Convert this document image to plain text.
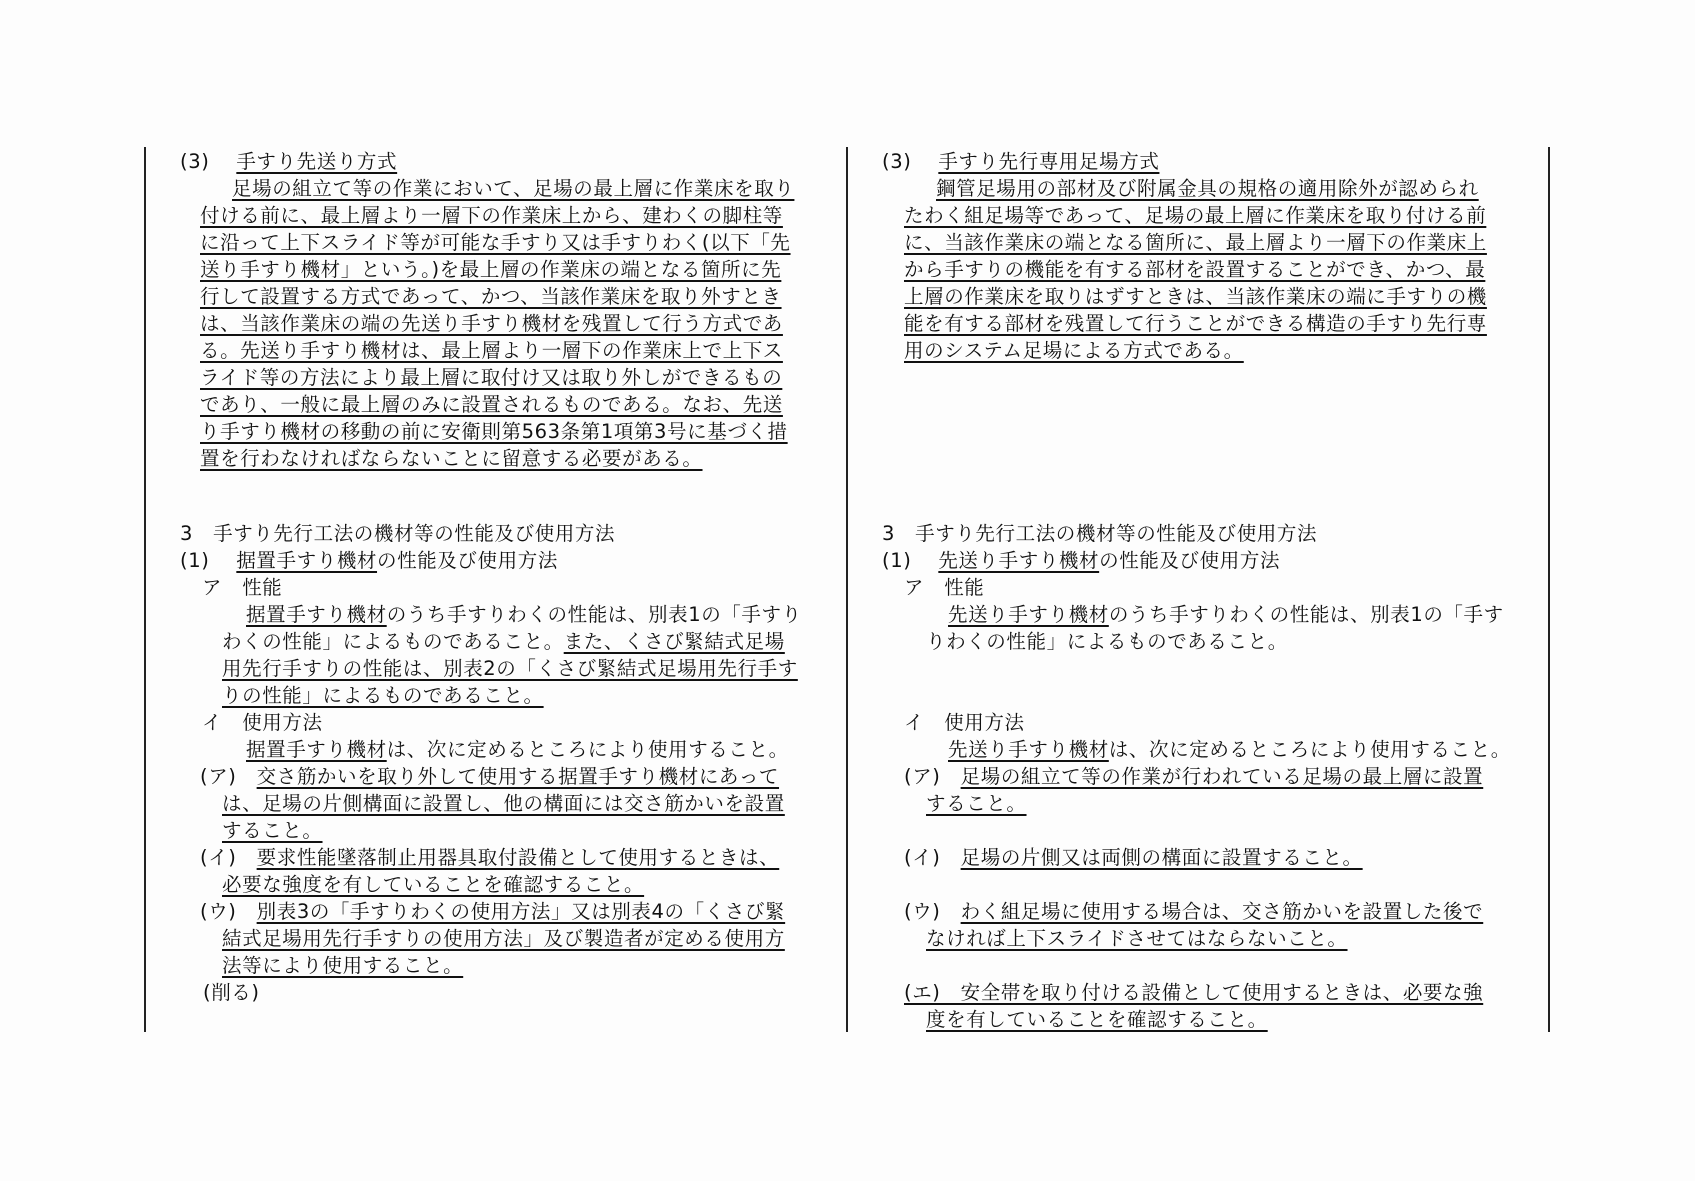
(3)　 手すり先送り方式
足場の組立て等の作業において、足場の最上層に作業床を取り
付ける前に、最上層より一層下の作業床上から、建わくの脚柱等
に沿って上下スライド等が可能な手すり又は手すりわく(以下「先
送り手すり機材」という。)を最上層の作業床の端となる箇所に先
行して設置する方式であって、かつ、当該作業床を取り外すとき
は、当該作業床の端の先送り手すり機材を残置して行う方式であ
る。先送り手すり機材は、最上層より一層下の作業床上で上下ス
ライド等の方法により最上層に取付け又は取り外しができるもの
であり、一般に最上層のみに設置されるものである。なお、先送
り手すり機材の移動の前に安衛則第563条第1項第3号に基づく措
置を行わなければならないことに留意する必要がある。
3　手すり先行工法の機材等の性能及び使用方法
(1)　 据置手すり機材の性能及び使用方法
ア　性能
据置手すり機材のうち手すりわくの性能は、別表1の「手すり
わくの性能」によるものであること。また、くさび緊結式足場
用先行手すりの性能は、別表2の「くさび緊結式足場用先行手す
りの性能」によるものであること。
イ　使用方法
据置手すり機材は、次に定めるところにより使用すること。
(ア)　交さ筋かいを取り外して使用する据置手すり機材にあって
は、足場の片側構面に設置し、他の構面には交さ筋かいを設置
すること。
(イ)　要求性能墜落制止用器具取付設備として使用するときは、
必要な強度を有していることを確認すること。
(ウ)　別表3の「手すりわくの使用方法」又は別表4の「くさび緊
結式足場用先行手すりの使用方法」及び製造者が定める使用方
法等により使用すること。
(削る)
(3)　 手すり先行専用足場方式
鋼管足場用の部材及び附属金具の規格の適用除外が認められ
たわく組足場等であって、足場の最上層に作業床を取り付ける前
に、当該作業床の端となる箇所に、最上層より一層下の作業床上
から手すりの機能を有する部材を設置することができ、かつ、最
上層の作業床を取りはずすときは、当該作業床の端に手すりの機
能を有する部材を残置して行うことができる構造の手すり先行専
用のシステム足場による方式である。
3　手すり先行工法の機材等の性能及び使用方法
(1)　 先送り手すり機材の性能及び使用方法
ア　性能
先送り手すり機材のうち手すりわくの性能は、別表1の「手す
りわくの性能」によるものであること。
イ　使用方法
先送り手すり機材は、次に定めるところにより使用すること。
(ア)　足場の組立て等の作業が行われている足場の最上層に設置
すること。
(イ)　足場の片側又は両側の構面に設置すること。
(ウ)　わく組足場に使用する場合は、交さ筋かいを設置した後で
なければ上下スライドさせてはならないこと。
(エ)　安全帯を取り付ける設備として使用するときは、必要な強
度を有していることを確認すること。
